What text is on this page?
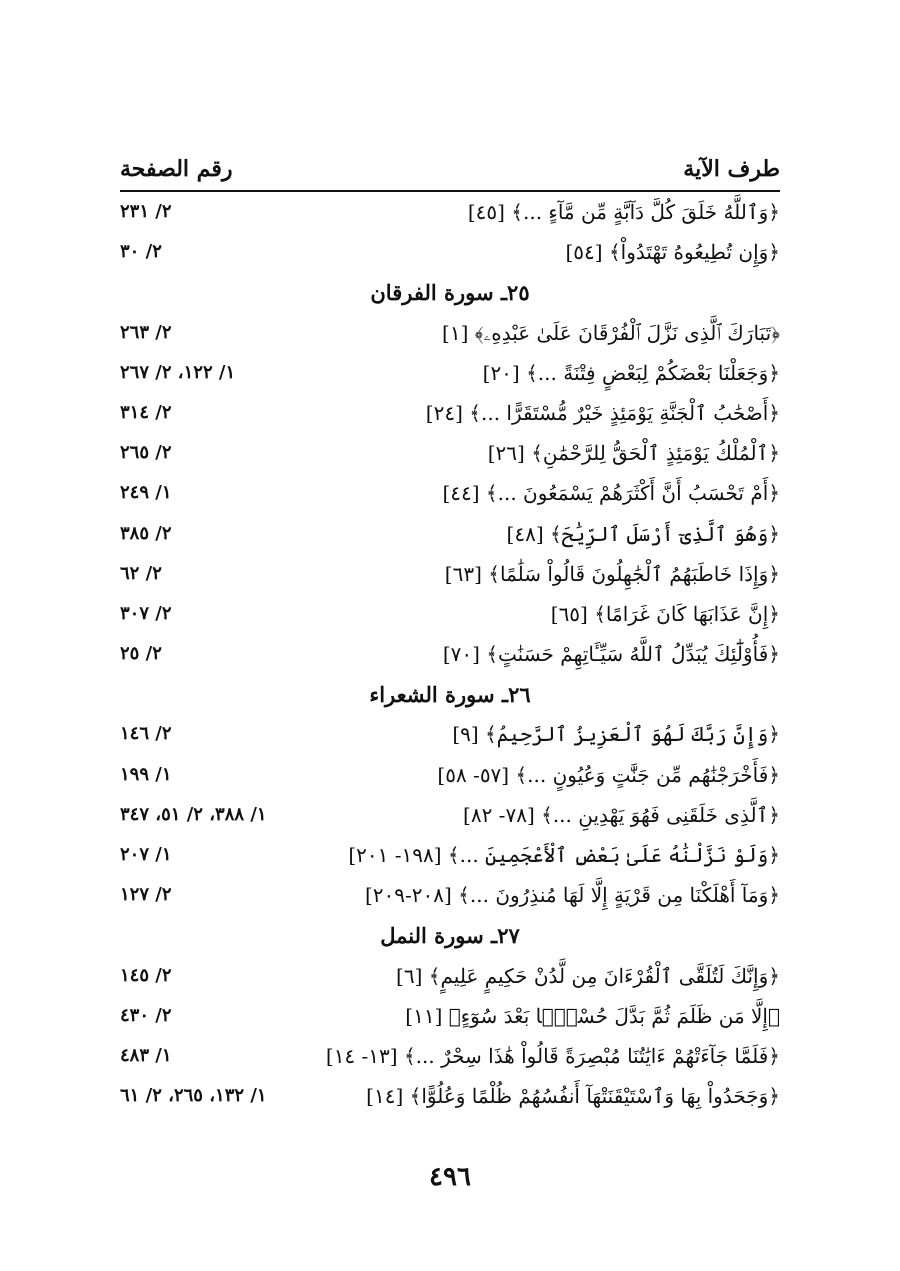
طرف الآية
رقم الصفحة
﴿وَٱللَّهُ خَلَقَ كُلَّ دَآبَّةٍ مِّن مَّآءٍ ...﴾ [٤٥]
٢/ ٢٣١
﴿وَإِن تُطِيعُوهُ تَهْتَدُواْ﴾ [٥٤]
٢/ ٣٠
٢٥ـ سورة الفرقان
﴿تَبَارَكَ ٱلَّذِى نَزَّلَ ٱلْفُرْقَانَ عَلَىٰ عَبْدِهِۦ﴾ [١]
٢/ ٢٦٣
﴿وَجَعَلْنَا بَعْضَكُمْ لِبَعْضٍ فِتْنَةً ...﴾ [٢٠]
١/ ١٢٢، ٢/ ٢٦٧
﴿أَصْحَٰبُ ٱلْجَنَّةِ يَوْمَئِذٍ خَيْرٌ مُّسْتَقَرًّا ...﴾ [٢٤]
٢/ ٣١٤
﴿ٱلْمُلْكُ يَوْمَئِذٍ ٱلْحَقُّ لِلرَّحْمَٰنِ﴾ [٢٦]
٢/ ٢٦٥
﴿أَمْ تَحْسَبُ أَنَّ أَكْثَرَهُمْ يَسْمَعُونَ ...﴾ [٤٤]
١/ ٢٤٩
﴿وَهُوَ ٱلَّذِىٓ أَرْسَلَ ٱلرِّيَٰحَ﴾ [٤٨]
٢/ ٣٨٥
﴿وَإِذَا خَاطَبَهُمُ ٱلْجَٰهِلُونَ قَالُواْ سَلَٰمًا﴾ [٦٣]
٢/ ٦٢
﴿إِنَّ عَذَابَهَا كَانَ غَرَامًا﴾ [٦٥]
٢/ ٣٠٧
﴿فَأُوْلَٰٓئِكَ يُبَدِّلُ ٱللَّهُ سَيِّـَٔاتِهِمْ حَسَنَٰتٍ﴾ [٧٠]
٢/ ٢٥
٢٦ـ سورة الشعراء
﴿وَإِنَّ رَبَّكَ لَهُوَ ٱلْعَزِيزُ ٱلرَّحِيمُ﴾ [٩]
٢/ ١٤٦
﴿فَأَخْرَجْنَٰهُم مِّن جَنَّٰتٍ وَعُيُونٍ ...﴾ [٥٧- ٥٨]
١/ ١٩٩
﴿ٱلَّذِى خَلَقَنِى فَهُوَ يَهْدِينِ ...﴾ [٧٨- ٨٢]
١/ ٣٨٨، ٢/ ٥١، ٣٤٧
﴿وَلَوْ نَزَّلْنَٰهُ عَلَىٰ بَعْضِ ٱلْأَعْجَمِينَ ...﴾ [١٩٨- ٢٠١]
١/ ٢٠٧
﴿وَمَآ أَهْلَكْنَا مِن قَرْيَةٍ إِلَّا لَهَا مُنذِرُونَ ...﴾ [٢٠٨-٢٠٩]
٢/ ١٢٧
٢٧ـ سورة النمل
﴿وَإِنَّكَ لَتُلَقَّى ٱلْقُرْءَانَ مِن لَّدُنْ حَكِيمٍ عَلِيمٍ﴾ [٦]
٢/ ١٤٥
﴿إِلَّا مَن ظَلَمَ ثُمَّ بَدَّلَ حُسْنًۢا بَعْدَ سُوٓءٍ﴾ [١١]
٢/ ٤٣٠
﴿فَلَمَّا جَآءَتْهُمْ ءَايَٰتُنَا مُبْصِرَةً قَالُواْ هَٰذَا سِحْرٌ ...﴾ [١٣- ١٤]
١/ ٤٨٣
﴿وَجَحَدُواْ بِهَا وَٱسْتَيْقَنَتْهَآ أَنفُسُهُمْ ظُلْمًا وَعُلُوًّا﴾ [١٤]
١/ ١٣٢، ٢٦٥، ٢/ ٦١
٤٩٦
